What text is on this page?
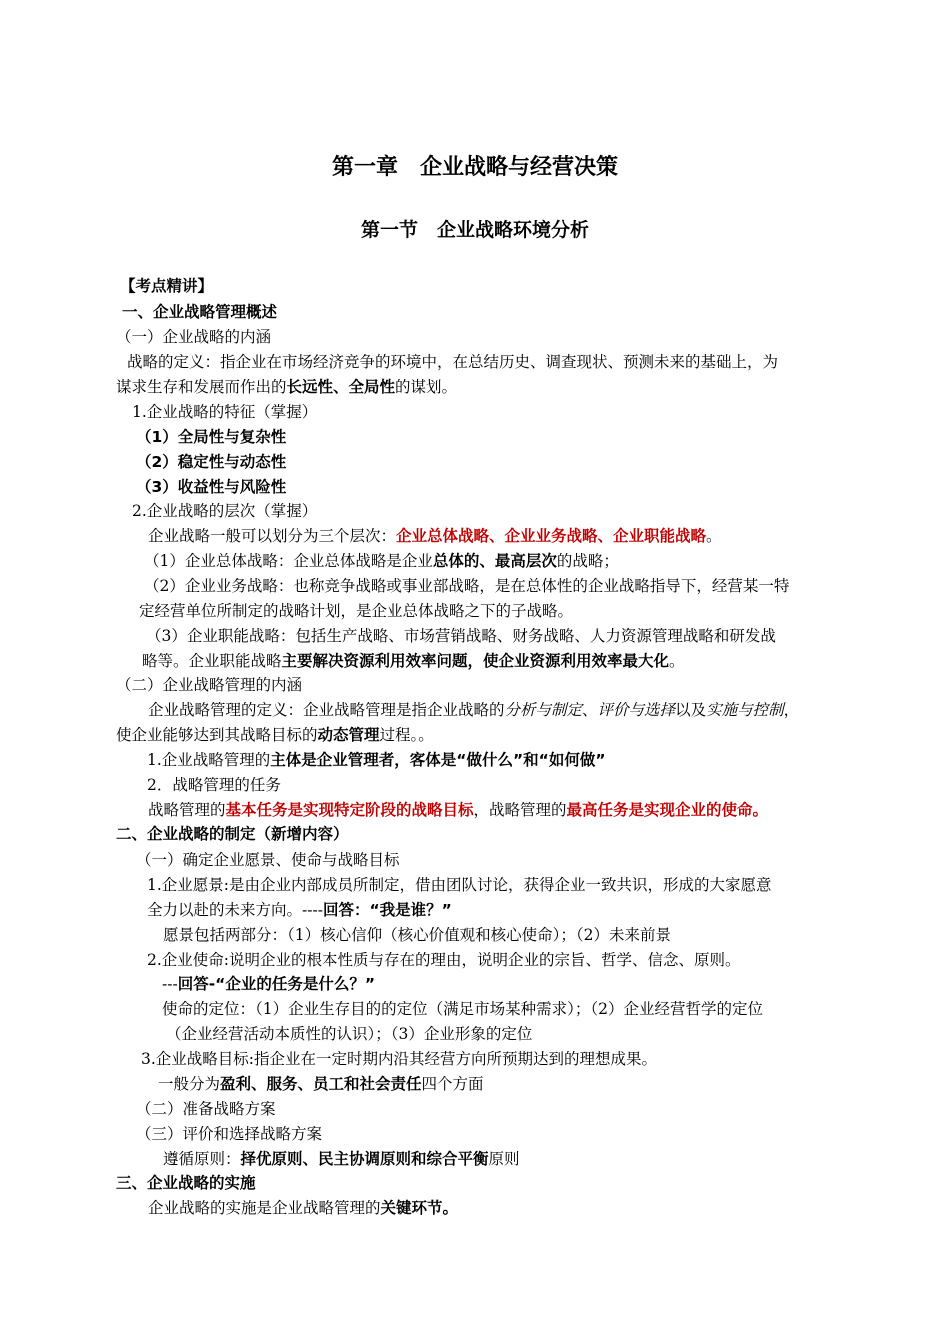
第一章　企业战略与经营决策
第一节　企业战略环境分析
【考点精讲】
一、企业战略管理概述
（一）企业战略的内涵
战略的定义：指企业在市场经济竞争的环境中，在总结历史、调查现状、预测未来的基础上，为
谋求生存和发展而作出的长远性、全局性的谋划。
1.企业战略的特征（掌握）
（1）全局性与复杂性
（2）稳定性与动态性
（3）收益性与风险性
2.企业战略的层次（掌握）
企业战略一般可以划分为三个层次：企业总体战略、企业业务战略、企业职能战略。
（1）企业总体战略：企业总体战略是企业总体的、最高层次的战略；
（2）企业业务战略：也称竞争战略或事业部战略，是在总体性的企业战略指导下，经营某一特
定经营单位所制定的战略计划，是企业总体战略之下的子战略。
（3）企业职能战略：包括生产战略、市场营销战略、财务战略、人力资源管理战略和研发战
略等。企业职能战略主要解决资源利用效率问题，使企业资源利用效率最大化。
（二）企业战略管理的内涵
企业战略管理的定义：企业战略管理是指企业战略的分析与制定、评价与选择以及实施与控制，
使企业能够达到其战略目标的动态管理过程。。
1.企业战略管理的主体是企业管理者，客体是“做什么”和“如何做”
2．战略管理的任务
战略管理的基本任务是实现特定阶段的战略目标，战略管理的最高任务是实现企业的使命。
二、企业战略的制定（新增内容）
（一）确定企业愿景、使命与战略目标
1.企业愿景:是由企业内部成员所制定，借由团队讨论，获得企业一致共识，形成的大家愿意
全力以赴的未来方向。----回答：“我是谁？”
愿景包括两部分：（1）核心信仰（核心价值观和核心使命）；（2）未来前景
2.企业使命:说明企业的根本性质与存在的理由，说明企业的宗旨、哲学、信念、原则。
---回答-“企业的任务是什么？”
使命的定位：（1）企业生存目的的定位（满足市场某种需求）；（2）企业经营哲学的定位
（企业经营活动本质性的认识）；（3）企业形象的定位
3.企业战略目标:指企业在一定时期内沿其经营方向所预期达到的理想成果。
一般分为盈利、服务、员工和社会责任四个方面
（二）准备战略方案
（三）评价和选择战略方案
遵循原则：择优原则、民主协调原则和综合平衡原则
三、企业战略的实施
企业战略的实施是企业战略管理的关键环节。
